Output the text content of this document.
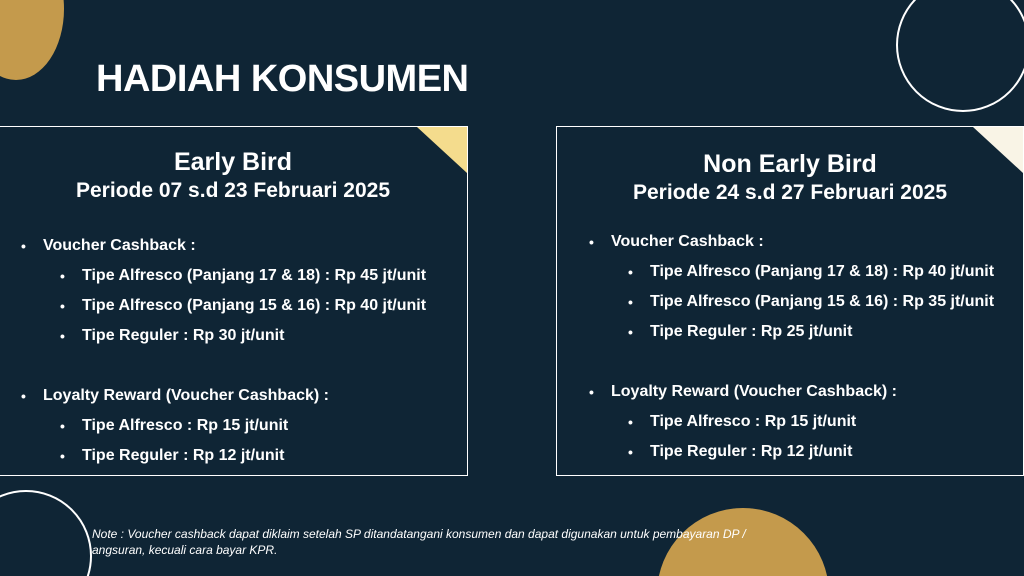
HADIAH KONSUMEN
Early Bird
Periode 07 s.d 23 Februari 2025
• Voucher Cashback :
• Tipe Alfresco (Panjang 17 & 18) : Rp 45 jt/unit
• Tipe Alfresco (Panjang 15 & 16) : Rp 40 jt/unit
• Tipe Reguler : Rp 30 jt/unit
• Loyalty Reward (Voucher Cashback) :
• Tipe Alfresco : Rp 15 jt/unit
• Tipe Reguler : Rp 12 jt/unit
Non Early Bird
Periode 24 s.d 27 Februari 2025
• Voucher Cashback :
• Tipe Alfresco (Panjang 17 & 18) : Rp 40 jt/unit
• Tipe Alfresco (Panjang 15 & 16) : Rp 35 jt/unit
• Tipe Reguler : Rp 25 jt/unit
• Loyalty Reward (Voucher Cashback) :
• Tipe Alfresco : Rp 15 jt/unit
• Tipe Reguler : Rp 12 jt/unit
Note : Voucher cashback dapat diklaim setelah SP ditandatangani konsumen dan dapat digunakan untuk pembayaran DP / angsuran, kecuali cara bayar KPR.
